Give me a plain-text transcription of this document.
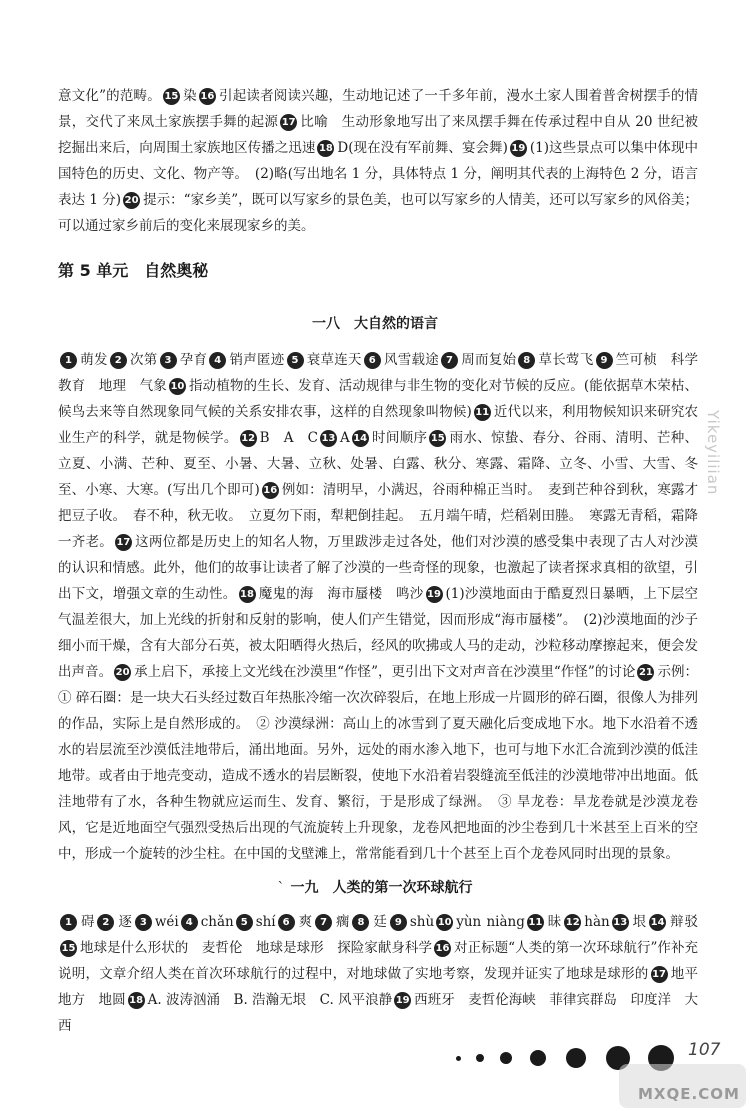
意文化”的范畴。 15 染 16 引起读者阅读兴趣，生动地记述了一千多年前，漫水土家人围着普舍树摆手的情景，交代了来凤土家族摆手舞的起源 17 比喻　生动形象地写出了来凤摆手舞在传承过程中自从 20 世纪被挖掘出来后，向周围土家族地区传播之迅速 18 D(现在没有军前舞、宴会舞) 19 (1)这些景点可以集中体现中国特色的历史、文化、物产等。　(2)略(写出地名 1 分，具体特点 1 分，阐明其代表的上海特色 2 分，语言表达 1 分) 20 提示：“家乡美”，既可以写家乡的景色美，也可以写家乡的人情美，还可以写家乡的风俗美；可以通过家乡前后的变化来展现家乡的美。
第 5 单元　自然奥秘
一八　大自然的语言
1 萌发 2 次第 3 孕育 4 销声匿迹 5 衰草连天 6 风雪载途 7 周而复始 8 草长莺飞 9 竺可桢　科学　教育　地理　气象 10 指动植物的生长、发育、活动规律与非生物的变化对节候的反应。(能依据草木荣枯、候鸟去来等自然现象同气候的关系安排农事，这样的自然现象叫物候) 11 近代以来，利用物候知识来研究农业生产的科学，就是物候学。 12 B　A　C 13 A 14 时间顺序 15 雨水、惊蛰、春分、谷雨、清明、芒种、立夏、小满、芒种、夏至、小暑、大暑、立秋、处暑、白露、秋分、寒露、霜降、立冬、小雪、大雪、冬至、小寒、大寒。(写出几个即可) 16 例如：清明早，小满迟，谷雨种棉正当时。　麦到芒种谷到秋，寒露才把豆子收。　春不种，秋无收。　立夏勿下雨，犁耙倒挂起。　五月端午晴，烂稻剁田塍。　寒露无青稻，霜降一齐老。 17 这两位都是历史上的知名人物，万里跋涉走过各处，他们对沙漠的感受集中表现了古人对沙漠的认识和情感。此外，他们的故事让读者了解了沙漠的一些奇怪的现象，也激起了读者探求真相的欲望，引出下文，增强文章的生动性。 18 魔鬼的海　海市蜃楼　鸣沙 19 (1)沙漠地面由于酷夏烈日暴晒，上下层空气温差很大，加上光线的折射和反射的影响，使人们产生错觉，因而形成“海市蜃楼”。　(2)沙漠地面的沙子细小而干燥，含有大部分石英，被太阳晒得火热后，经风的吹拂或人马的走动，沙粒移动摩擦起来，便会发出声音。 20 承上启下，承接上文光线在沙漠里“作怪”，更引出下文对声音在沙漠里“作怪”的讨论 21 示例：① 碎石圈：是一块大石头经过数百年热胀冷缩一次次碎裂后，在地上形成一片圆形的碎石圈，很像人为排列的作品，实际上是自然形成的。　② 沙漠绿洲：高山上的冰雪到了夏天融化后变成地下水。地下水沿着不透水的岩层流至沙漠低洼地带后，涌出地面。另外，远处的雨水渗入地下，也可与地下水汇合流到沙漠的低洼地带。或者由于地壳变动，造成不透水的岩层断裂，使地下水沿着岩裂缝流至低洼的沙漠地带冲出地面。低洼地带有了水，各种生物就应运而生、发育、繁衍，于是形成了绿洲。　③ 旱龙卷：旱龙卷就是沙漠龙卷风，它是近地面空气强烈受热后出现的气流旋转上升现象，龙卷风把地面的沙尘卷到几十米甚至上百米的空中，形成一个旋转的沙尘柱。在中国的戈壁滩上，常常能看到几十个甚至上百个龙卷风同时出现的景象。
` 一九　人类的第一次环球航行
1 碍 2 逐 3 wéi 4 chǎn 5 shí 6 爽 7 瘸 8 廷 9 shù 10 yùn niàng 11 昧 12 hàn 13 垠 14 辩驳15 地球是什么形状的　麦哲伦　地球是球形　探险家献身科学 16 对正标题“人类的第一次环球航行”作补充说明，文章介绍人类在首次环球航行的过程中，对地球做了实地考察，发现并证实了地球是球形的 17 地平　地方　地圆 18 A. 波涛汹涌　B. 浩瀚无垠　C. 风平浪静 19 西班牙　麦哲伦海峡　菲律宾群岛　印度洋　大西
Yikeyiliian
107
MXQE.COM
